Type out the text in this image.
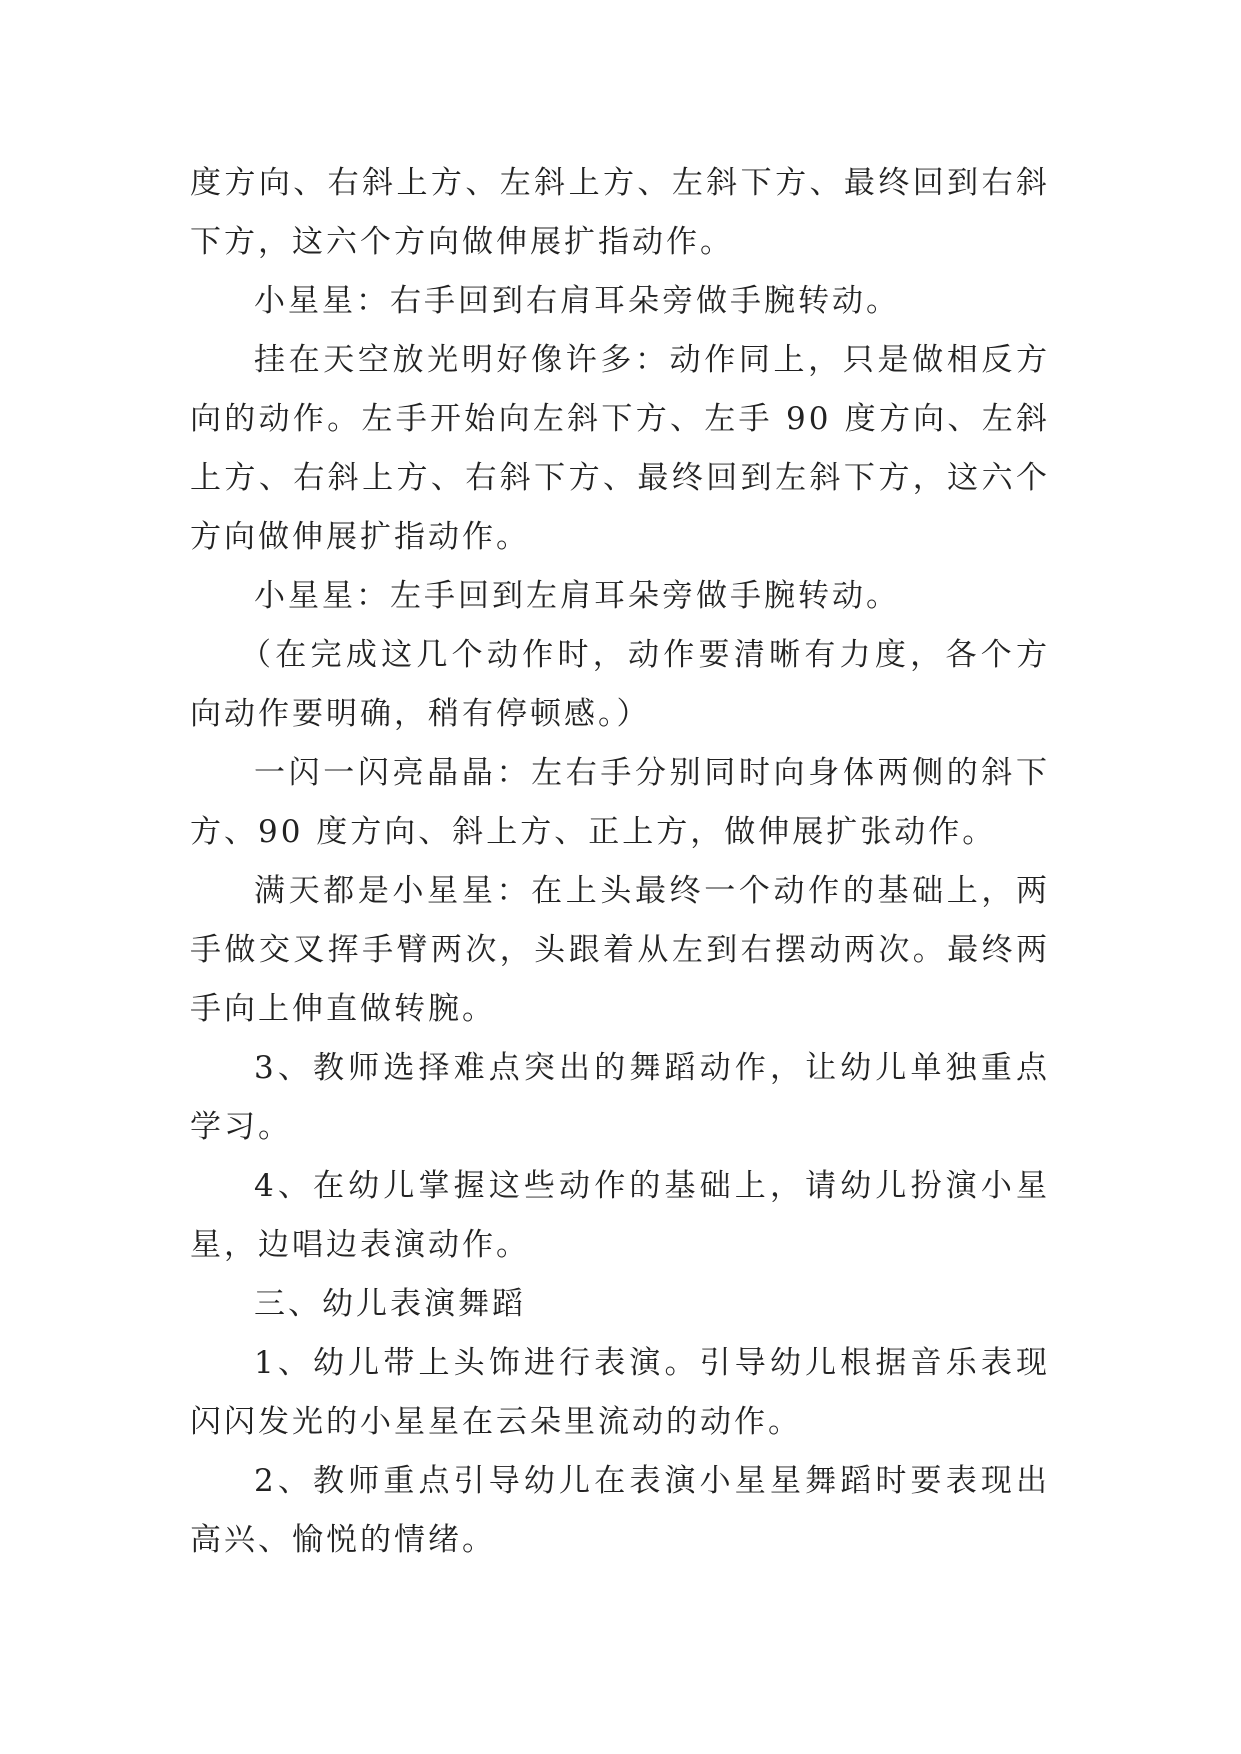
度方向、右斜上方、左斜上方、左斜下方、最终回到右斜下方，这六个方向做伸展扩指动作。

小星星：右手回到右肩耳朵旁做手腕转动。

挂在天空放光明好像许多：动作同上，只是做相反方向的动作。左手开始向左斜下方、左手 90 度方向、左斜上方、右斜上方、右斜下方、最终回到左斜下方，这六个方向做伸展扩指动作。

小星星：左手回到左肩耳朵旁做手腕转动。

（在完成这几个动作时，动作要清晰有力度，各个方向动作要明确，稍有停顿感。）

一闪一闪亮晶晶：左右手分别同时向身体两侧的斜下方、90 度方向、斜上方、正上方，做伸展扩张动作。

满天都是小星星：在上头最终一个动作的基础上，两手做交叉挥手臂两次，头跟着从左到右摆动两次。最终两手向上伸直做转腕。

3、教师选择难点突出的舞蹈动作，让幼儿单独重点学习。

4、在幼儿掌握这些动作的基础上，请幼儿扮演小星星，边唱边表演动作。

三、幼儿表演舞蹈

1、幼儿带上头饰进行表演。引导幼儿根据音乐表现闪闪发光的小星星在云朵里流动的动作。

2、教师重点引导幼儿在表演小星星舞蹈时要表现出高兴、愉悦的情绪。
